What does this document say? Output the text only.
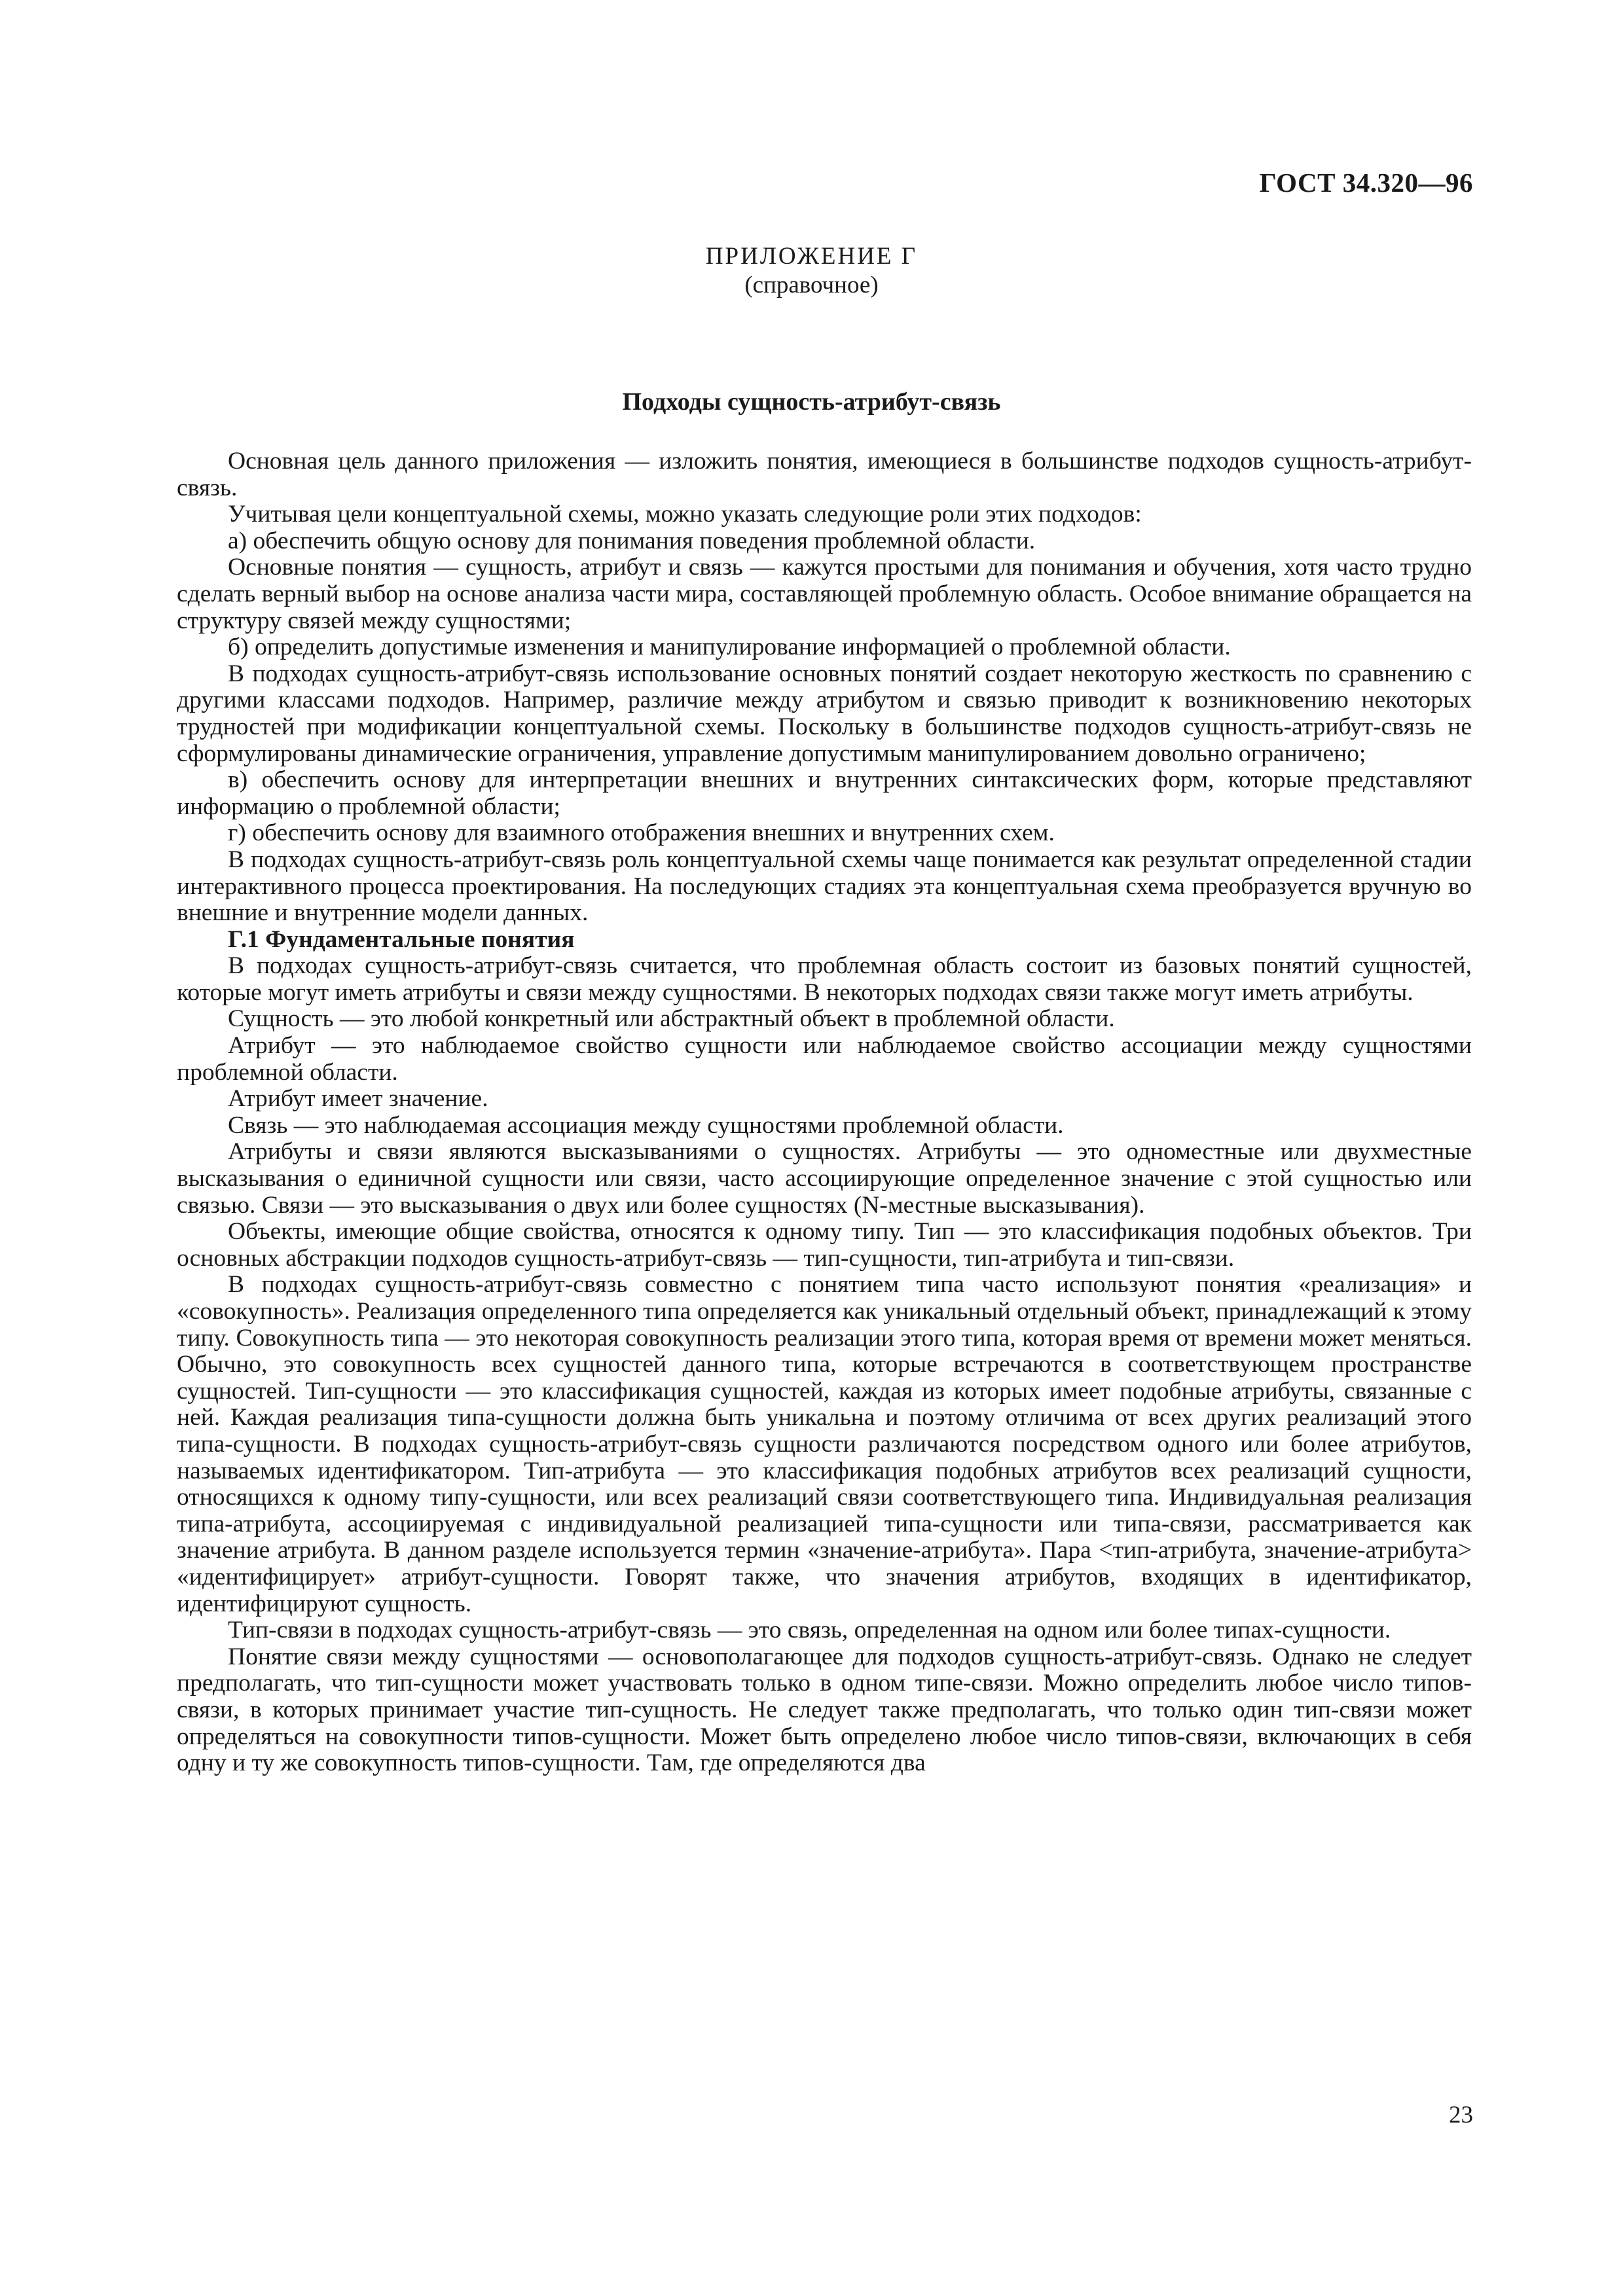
ГОСТ 34.320—96
ПРИЛОЖЕНИЕ Г
(справочное)
Подходы сущность-атрибут-связь

Основная цель данного приложения — изложить понятия, имеющиеся в большинстве подходов сущность-атрибут-связь.

Учитывая цели концептуальной схемы, можно указать следующие роли этих подходов:

а) обеспечить общую основу для понимания поведения проблемной области.

Основные понятия — сущность, атрибут и связь — кажутся простыми для понимания и обучения, хотя часто трудно сделать верный выбор на основе анализа части мира, составляющей проблемную область. Особое внимание обращается на структуру связей между сущностями;

б) определить допустимые изменения и манипулирование информацией о проблемной области.

В подходах сущность-атрибут-связь использование основных понятий создает некоторую жесткость по сравнению с другими классами подходов. Например, различие между атрибутом и связью приводит к возникновению некоторых трудностей при модификации концептуальной схемы. Поскольку в большинстве подходов сущность-атрибут-связь не сформулированы динамические ограничения, управление допустимым манипулированием довольно ограничено;

в) обеспечить основу для интерпретации внешних и внутренних синтаксических форм, которые представляют информацию о проблемной области;

г) обеспечить основу для взаимного отображения внешних и внутренних схем.

В подходах сущность-атрибут-связь роль концептуальной схемы чаще понимается как результат определенной стадии интерактивного процесса проектирования. На последующих стадиях эта концептуальная схема преобразуется вручную во внешние и внутренние модели данных.

Г.1 Фундаментальные понятия

В подходах сущность-атрибут-связь считается, что проблемная область состоит из базовых понятий сущностей, которые могут иметь атрибуты и связи между сущностями. В некоторых подходах связи также могут иметь атрибуты.

Сущность — это любой конкретный или абстрактный объект в проблемной области.

Атрибут — это наблюдаемое свойство сущности или наблюдаемое свойство ассоциации между сущностями проблемной области.

Атрибут имеет значение.

Связь — это наблюдаемая ассоциация между сущностями проблемной области.

Атрибуты и связи являются высказываниями о сущностях. Атрибуты — это одноместные или двухместные высказывания о единичной сущности или связи, часто ассоциирующие определенное значение с этой сущностью или связью. Связи — это высказывания о двух или более сущностях (N-местные высказывания).

Объекты, имеющие общие свойства, относятся к одному типу. Тип — это классификация подобных объектов. Три основных абстракции подходов сущность-атрибут-связь — тип-сущности, тип-атрибута и тип-связи.

В подходах сущность-атрибут-связь совместно с понятием типа часто используют понятия «реализация» и «совокупность». Реализация определенного типа определяется как уникальный отдельный объект, принадлежащий к этому типу. Совокупность типа — это некоторая совокупность реализации этого типа, которая время от времени может меняться. Обычно, это совокупность всех сущностей данного типа, которые встречаются в соответствующем пространстве сущностей. Тип-сущности — это классификация сущностей, каждая из которых имеет подобные атрибуты, связанные с ней. Каждая реализация типа-сущности должна быть уникальна и поэтому отличима от всех других реализаций этого типа-сущности. В подходах сущность-атрибут-связь сущности различаются посредством одного или более атрибутов, называемых идентификатором. Тип-атрибута — это классификация подобных атрибутов всех реализаций сущности, относящихся к одному типу-сущности, или всех реализаций связи соответствующего типа. Индивидуальная реализация типа-атрибута, ассоциируемая с индивидуальной реализацией типа-сущности или типа-связи, рассматривается как значение атрибута. В данном разделе используется термин «значение-атрибута». Пара <тип-атрибута, значение-атрибута> «идентифицирует» атрибут-сущности. Говорят также, что значения атрибутов, входящих в идентификатор, идентифицируют сущность.

Тип-связи в подходах сущность-атрибут-связь — это связь, определенная на одном или более типах-сущности.

Понятие связи между сущностями — основополагающее для подходов сущность-атрибут-связь. Однако не следует предполагать, что тип-сущности может участвовать только в одном типе-связи. Можно определить любое число типов-связи, в которых принимает участие тип-сущность. Не следует также предполагать, что только один тип-связи может определяться на совокупности типов-сущности. Может быть определено любое число типов-связи, включающих в себя одну и ту же совокупность типов-сущности. Там, где определяются два

23
